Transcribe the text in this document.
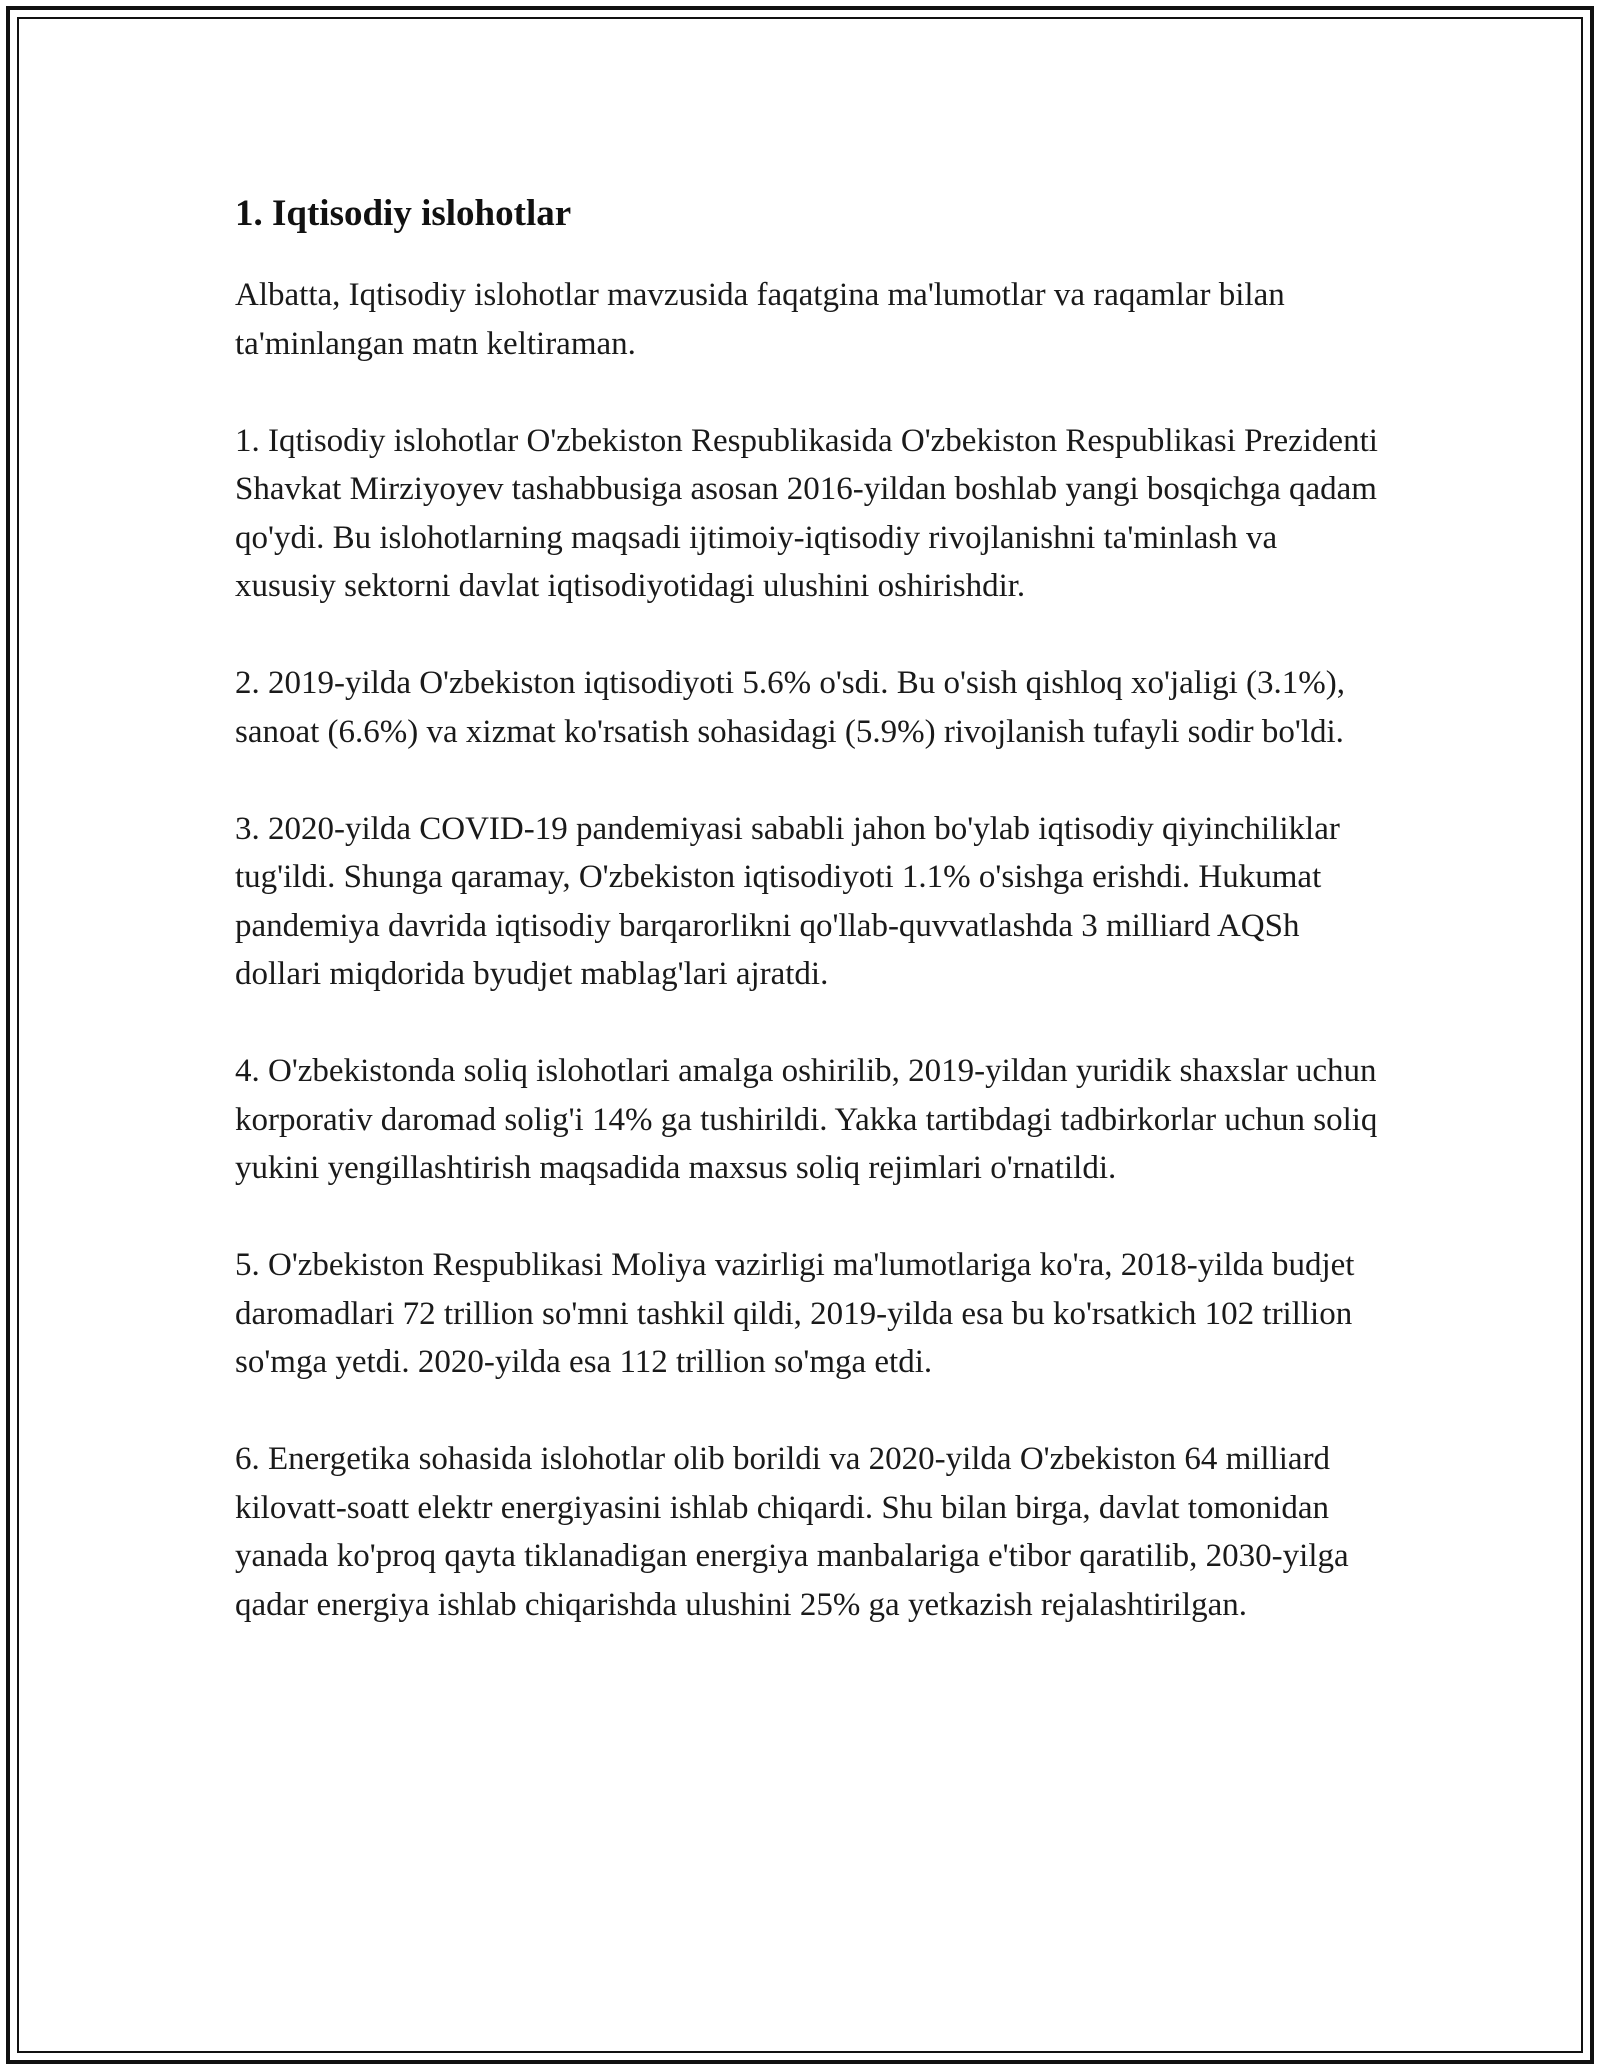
1. Iqtisodiy islohotlar

Albatta, Iqtisodiy islohotlar mavzusida faqatgina ma'lumotlar va raqamlar bilan ta'minlangan matn keltiraman.

1. Iqtisodiy islohotlar O'zbekiston Respublikasida O'zbekiston Respublikasi Prezidenti Shavkat Mirziyoyev tashabbusiga asosan 2016-yildan boshlab yangi bosqichga qadam qo'ydi. Bu islohotlarning maqsadi ijtimoiy-iqtisodiy rivojlanishni ta'minlash va xususiy sektorni davlat iqtisodiyotidagi ulushini oshirishdir.

2. 2019-yilda O'zbekiston iqtisodiyoti 5.6% o'sdi. Bu o'sish qishloq xo'jaligi (3.1%), sanoat (6.6%) va xizmat ko'rsatish sohasidagi (5.9%) rivojlanish tufayli sodir bo'ldi.

3. 2020-yilda COVID-19 pandemiyasi sababli jahon bo'ylab iqtisodiy qiyinchiliklar tug'ildi. Shunga qaramay, O'zbekiston iqtisodiyoti 1.1% o'sishga erishdi. Hukumat pandemiya davrida iqtisodiy barqarorlikni qo'llab-quvvatlashda 3 milliard AQSh dollari miqdorida byudjet mablag'lari ajratdi.

4. O'zbekistonda soliq islohotlari amalga oshirilib, 2019-yildan yuridik shaxslar uchun korporativ daromad solig'i 14% ga tushirildi. Yakka tartibdagi tadbirkorlar uchun soliq yukini yengillashtirish maqsadida maxsus soliq rejimlari o'rnatildi.

5. O'zbekiston Respublikasi Moliya vazirligi ma'lumotlariga ko'ra, 2018-yilda budjet daromadlari 72 trillion so'mni tashkil qildi, 2019-yilda esa bu ko'rsatkich 102 trillion so'mga yetdi. 2020-yilda esa 112 trillion so'mga etdi.

6. Energetika sohasida islohotlar olib borildi va 2020-yilda O'zbekiston 64 milliard kilovatt-soatt elektr energiyasini ishlab chiqardi. Shu bilan birga, davlat tomonidan yanada ko'proq qayta tiklanadigan energiya manbalariga e'tibor qaratilib, 2030-yilga qadar energiya ishlab chiqarishda ulushini 25% ga yetkazish rejalashtirilgan.
